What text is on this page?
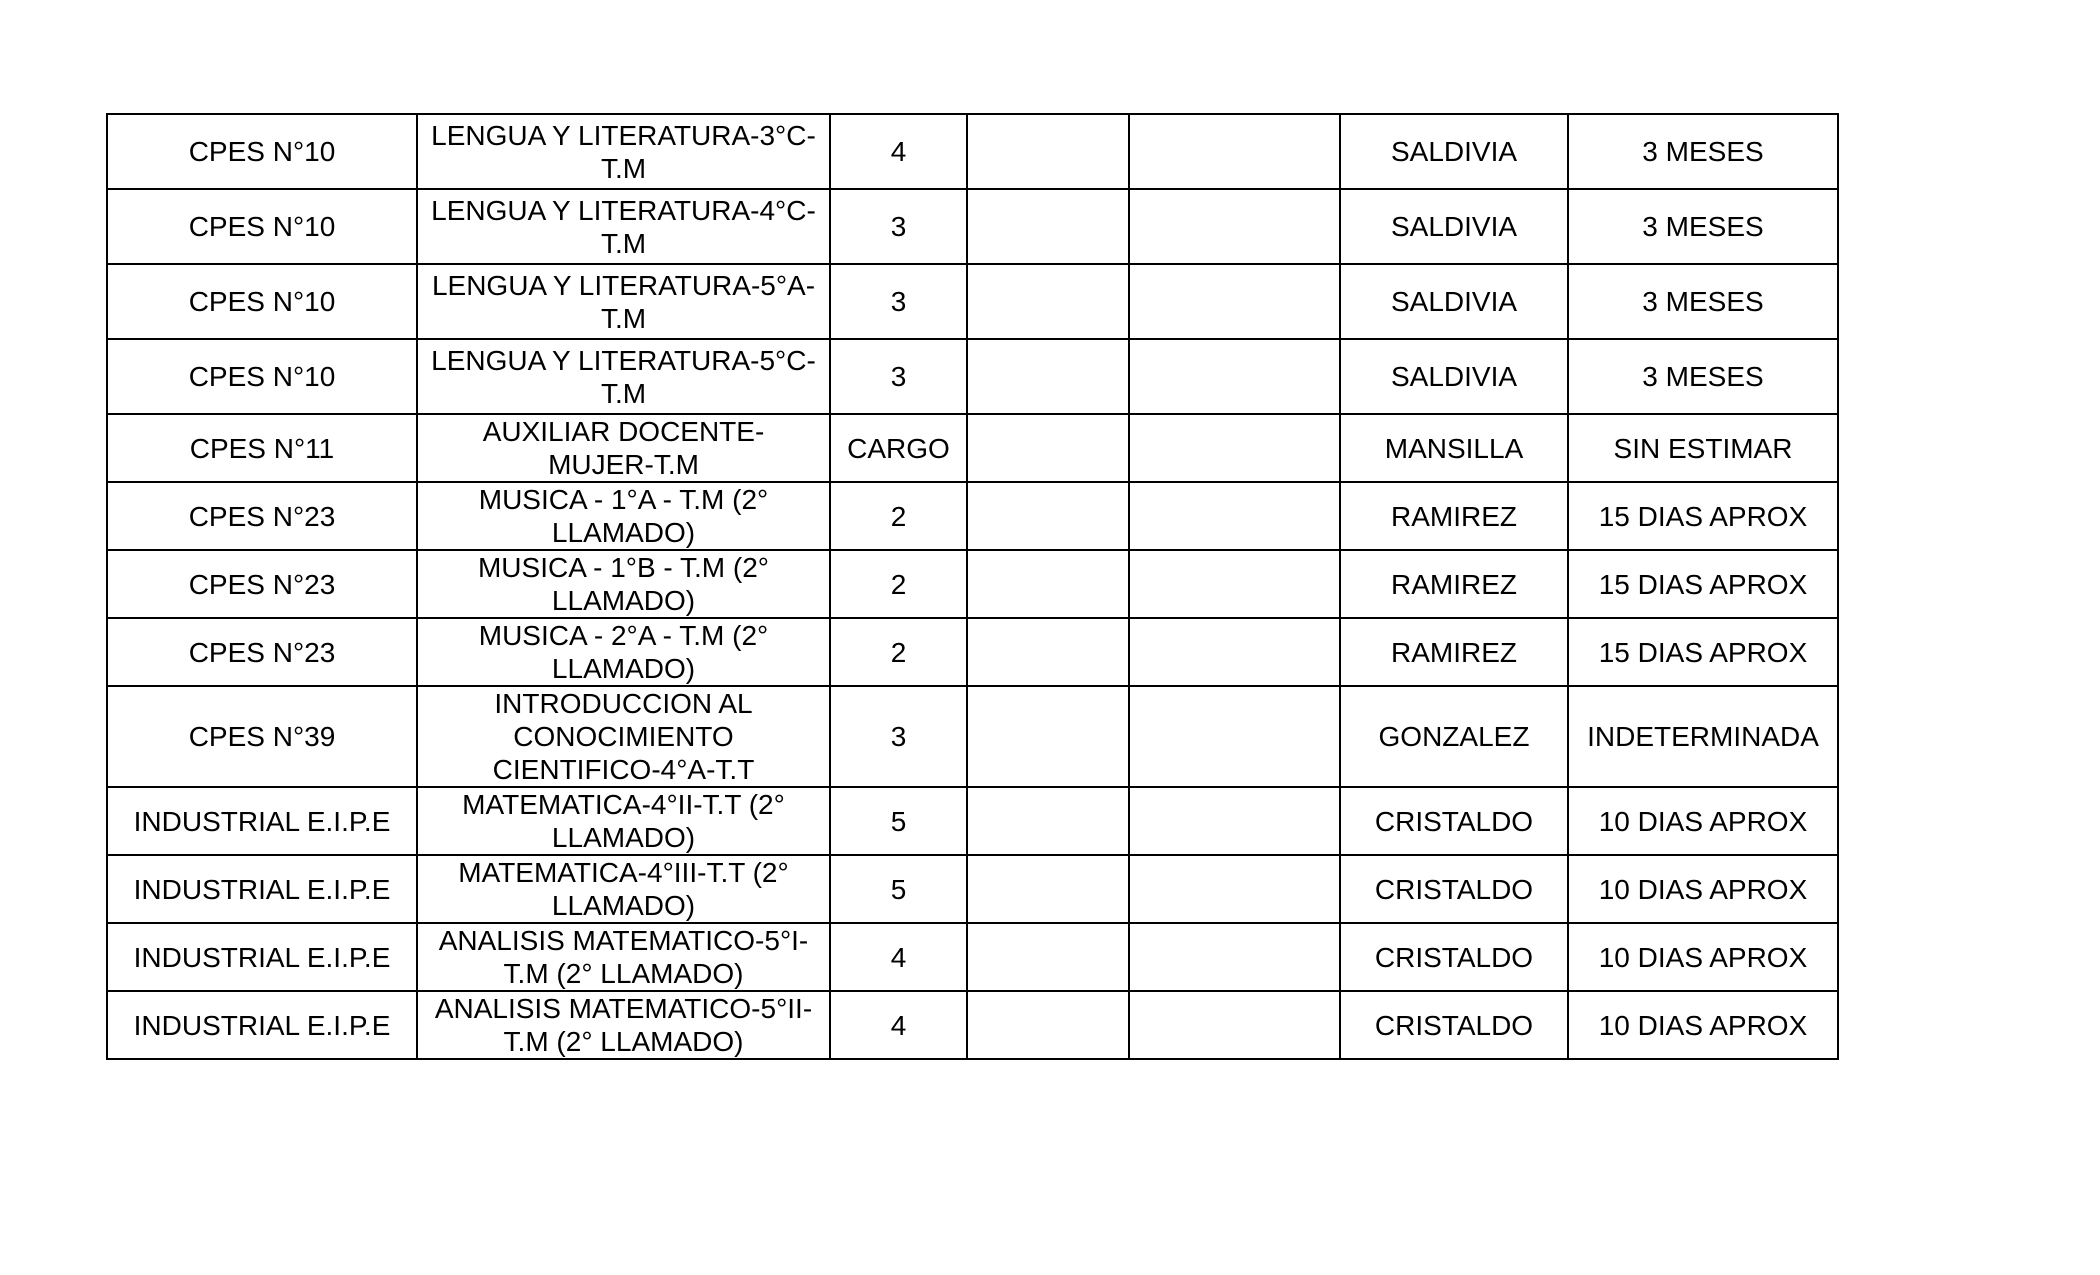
CPES N°10	LENGUA Y LITERATURA-3°C-T.M	4			SALDIVIA	3 MESES
CPES N°10	LENGUA Y LITERATURA-4°C-T.M	3			SALDIVIA	3 MESES
CPES N°10	LENGUA Y LITERATURA-5°A-T.M	3			SALDIVIA	3 MESES
CPES N°10	LENGUA Y LITERATURA-5°C-T.M	3			SALDIVIA	3 MESES
CPES N°11	AUXILIAR DOCENTE-MUJER-T.M	CARGO			MANSILLA	SIN ESTIMAR
CPES N°23	MUSICA - 1°A - T.M (2° LLAMADO)	2			RAMIREZ	15 DIAS APROX
CPES N°23	MUSICA - 1°B - T.M (2° LLAMADO)	2			RAMIREZ	15 DIAS APROX
CPES N°23	MUSICA - 2°A - T.M (2° LLAMADO)	2			RAMIREZ	15 DIAS APROX
CPES N°39	INTRODUCCION AL CONOCIMIENTO CIENTIFICO-4°A-T.T	3			GONZALEZ	INDETERMINADA
INDUSTRIAL E.I.P.E	MATEMATICA-4°II-T.T (2° LLAMADO)	5			CRISTALDO	10 DIAS APROX
INDUSTRIAL E.I.P.E	MATEMATICA-4°III-T.T (2° LLAMADO)	5			CRISTALDO	10 DIAS APROX
INDUSTRIAL E.I.P.E	ANALISIS MATEMATICO-5°I-T.M (2° LLAMADO)	4			CRISTALDO	10 DIAS APROX
INDUSTRIAL E.I.P.E	ANALISIS MATEMATICO-5°II-T.M (2° LLAMADO)	4			CRISTALDO	10 DIAS APROX
